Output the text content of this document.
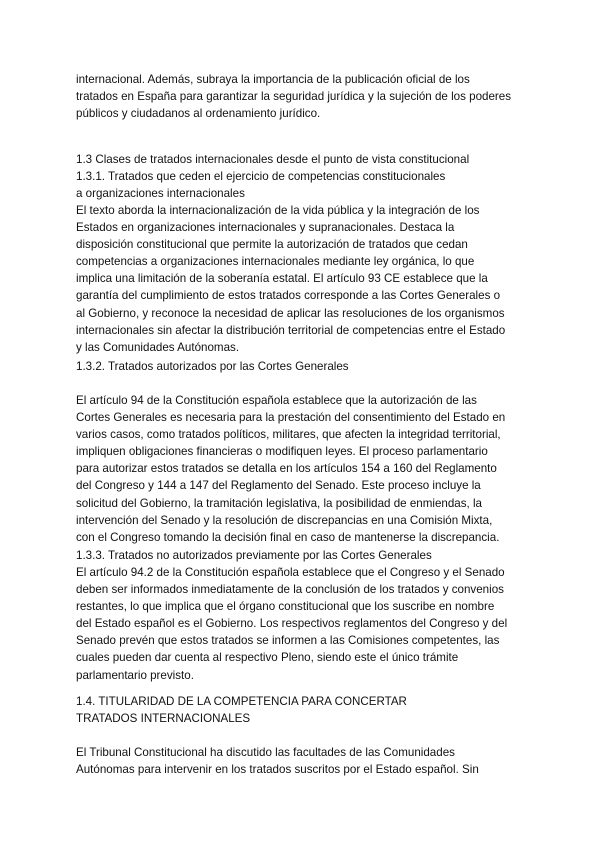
internacional. Además, subraya la importancia de la publicación oficial de los
tratados en España para garantizar la seguridad jurídica y la sujeción de los poderes
públicos y ciudadanos al ordenamiento jurídico.

1.3 Clases de tratados internacionales desde el punto de vista constitucional

1.3.1. Tratados que ceden el ejercicio de competencias constitucionales
a organizaciones internacionales

El texto aborda la internacionalización de la vida pública y la integración de los
Estados en organizaciones internacionales y supranacionales. Destaca la
disposición constitucional que permite la autorización de tratados que cedan
competencias a organizaciones internacionales mediante ley orgánica, lo que
implica una limitación de la soberanía estatal. El artículo 93 CE establece que la
garantía del cumplimiento de estos tratados corresponde a las Cortes Generales o
al Gobierno, y reconoce la necesidad de aplicar las resoluciones de los organismos
internacionales sin afectar la distribución territorial de competencias entre el Estado
y las Comunidades Autónomas.

1.3.2. Tratados autorizados por las Cortes Generales

El artículo 94 de la Constitución española establece que la autorización de las
Cortes Generales es necesaria para la prestación del consentimiento del Estado en
varios casos, como tratados políticos, militares, que afecten la integridad territorial,
impliquen obligaciones financieras o modifiquen leyes. El proceso parlamentario
para autorizar estos tratados se detalla en los artículos 154 a 160 del Reglamento
del Congreso y 144 a 147 del Reglamento del Senado. Este proceso incluye la
solicitud del Gobierno, la tramitación legislativa, la posibilidad de enmiendas, la
intervención del Senado y la resolución de discrepancias en una Comisión Mixta,
con el Congreso tomando la decisión final en caso de mantenerse la discrepancia.

1.3.3. Tratados no autorizados previamente por las Cortes Generales

El artículo 94.2 de la Constitución española establece que el Congreso y el Senado
deben ser informados inmediatamente de la conclusión de los tratados y convenios
restantes, lo que implica que el órgano constitucional que los suscribe en nombre
del Estado español es el Gobierno. Los respectivos reglamentos del Congreso y del
Senado prevén que estos tratados se informen a las Comisiones competentes, las
cuales pueden dar cuenta al respectivo Pleno, siendo este el único trámite
parlamentario previsto.

1.4. TITULARIDAD DE LA COMPETENCIA PARA CONCERTAR
TRATADOS INTERNACIONALES

El Tribunal Constitucional ha discutido las facultades de las Comunidades
Autónomas para intervenir en los tratados suscritos por el Estado español. Sin
